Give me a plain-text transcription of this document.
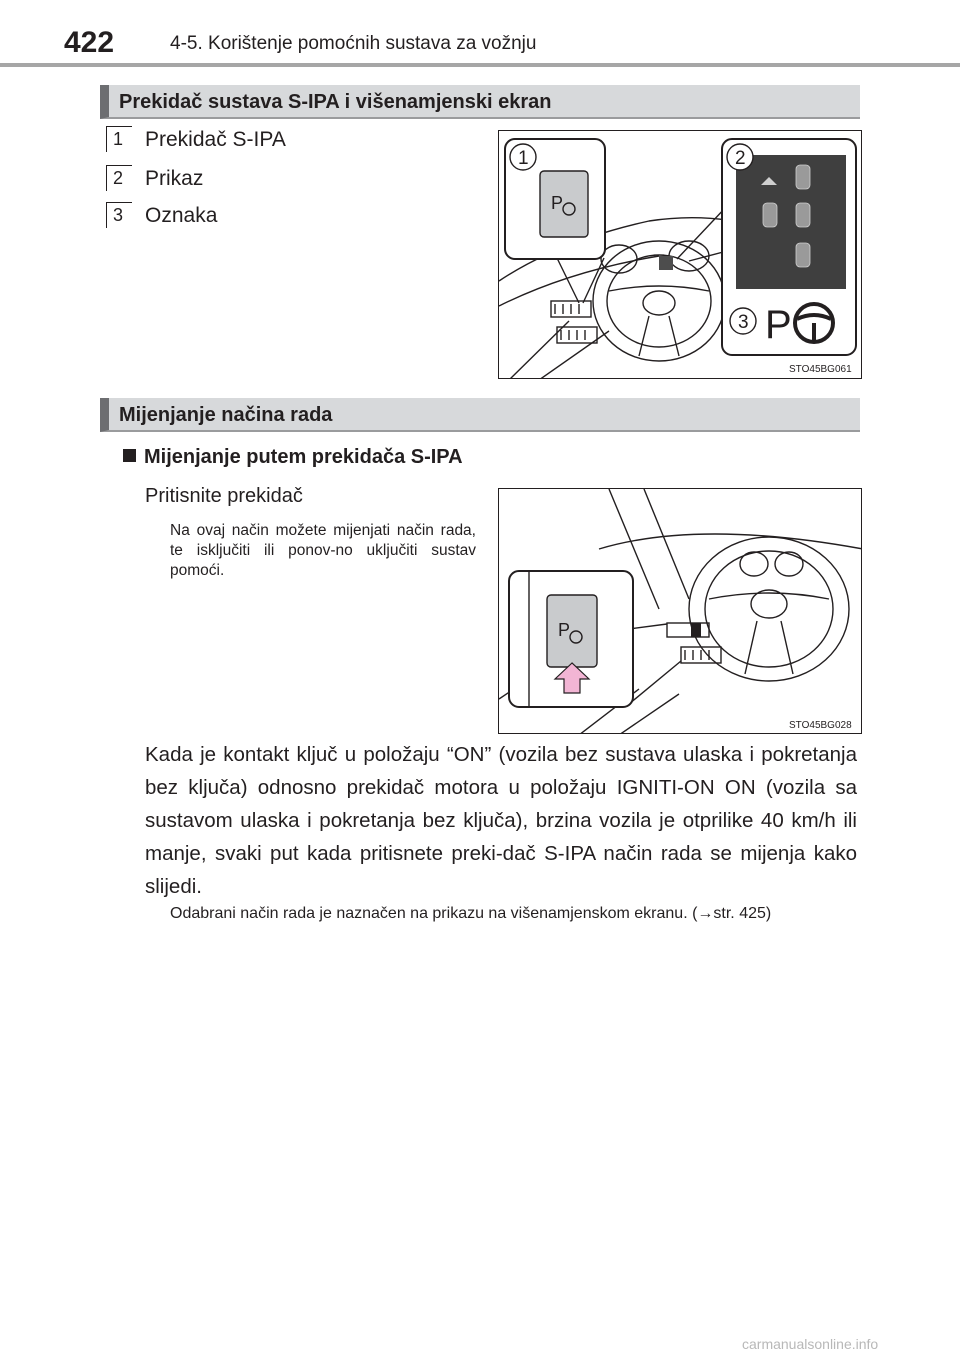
422	4-5. Korištenje pomoćnih sustava za vožnju
Prekidač sustava S-IPA i višenamjenski ekran
1 Prekidač S-IPA
2 Prikaz
3 Oznaka
P
1	2
3 P
STO45BG061
Mijenjanje načina rada
Mijenjanje putem prekidača S-IPA
Pritisnite prekidač
Na ovaj način možete mijenjati način rada, te isključiti ili ponov-no uključiti sustav pomoći.
P
STO45BG028
Kada je kontakt ključ u položaju “ON” (vozila bez sustava ulaska i pokretanja bez ključa) odnosno prekidač motora u položaju IGNITI-ON ON (vozila sa sustavom ulaska i pokretanja bez ključa), brzina vozila je otprilike 40 km/h ili manje, svaki put kada pritisnete preki-dač S-IPA način rada se mijenja kako slijedi.
Odabrani način rada je naznačen na prikazu na višenamjenskom ekranu. (→str. 425)
carmanualsonline.info
